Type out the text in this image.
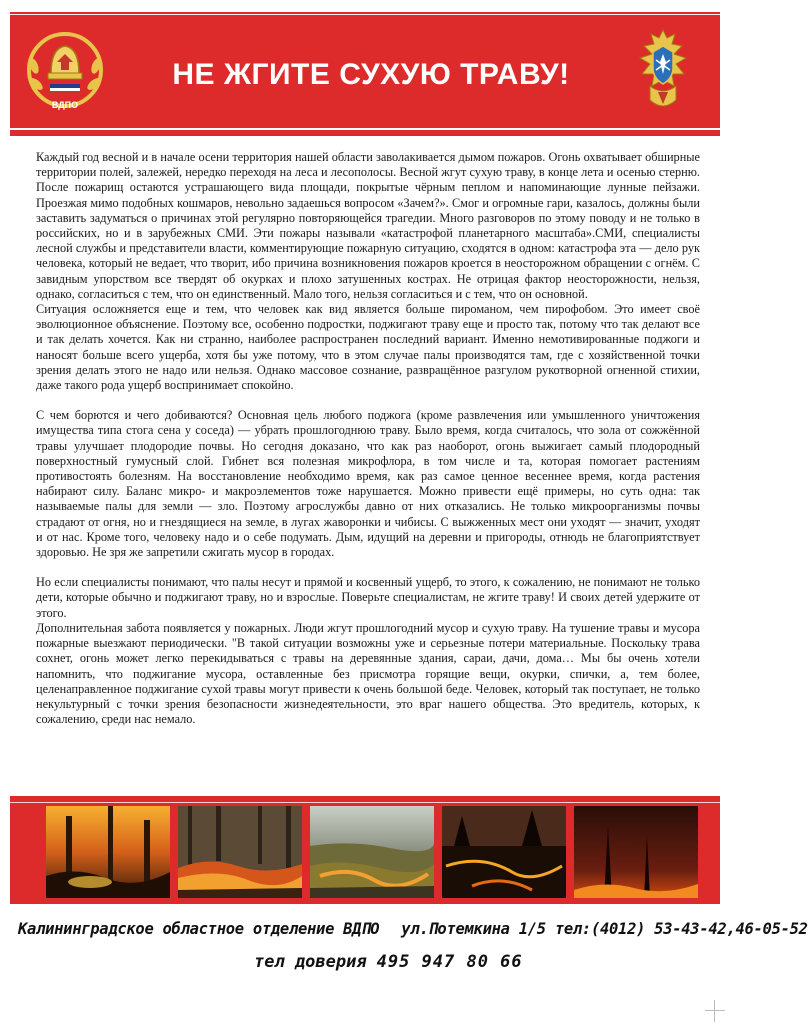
ВДПО
НЕ ЖГИТЕ СУХУЮ ТРАВУ!

Каждый год весной и в начале осени территория нашей области заволакивается дымом пожаров. Огонь охватывает обширные территории полей, залежей, нередко переходя на леса и лесополосы. Весной жгут сухую траву, в конце лета и осенью стерню. После пожарищ остаются устрашающего вида площади, покрытые чёрным пеплом и напоминающие лунные пейзажи. Проезжая мимо подобных кошмаров, невольно задаешься вопросом «Зачем?». Смог и огромные гари, казалось, должны были заставить задуматься о причинах этой регулярно повторяющейся трагедии. Много разговоров по этому поводу и не только в российских, но и в зарубежных СМИ. Эти пожары называли «катастрофой планетарного масштаба».СМИ, специалисты лесной службы и представители власти, комментирующие пожарную ситуацию, сходятся в одном: катастрофа эта — дело рук человека, который не ведает, что творит, ибо причина возникновения пожаров кроется в неосторожном обращении с огнём. С завидным упорством все твердят об окурках и плохо затушенных кострах. Не отрицая фактор неосторожности, нельзя, однако, согласиться с тем, что он единственный. Мало того, нельзя согласиться и с тем, что он основной.

Ситуация осложняется еще и тем, что человек как вид является больше пироманом, чем пирофобом. Это имеет своё эволюционное объяснение. Поэтому все, особенно подростки, поджигают траву еще и просто так, потому что так делают все и так делать хочется. Как ни странно, наиболее распространен последний вариант. Именно немотивированные поджоги и наносят больше всего ущерба, хотя бы уже потому, что в этом случае палы производятся там, где с хозяйственной точки зрения делать этого не надо или нельзя. Однако массовое сознание, развращённое разгулом рукотворной огненной стихии, даже такого рода ущерб воспринимает спокойно.

С чем борются и чего добиваются? Основная цель любого поджога (кроме развлечения или умышленного уничтожения имущества типа стога сена у соседа) — убрать прошлогоднюю траву. Было время, когда считалось, что зола от сожжённой травы улучшает плодородие почвы. Но сегодня доказано, что как раз наоборот, огонь выжигает самый плодородный поверхностный гумусный слой. Гибнет вся полезная микрофлора, в том числе и та, которая помогает растениям противостоять болезням. На восстановление необходимо время, как раз самое ценное весеннее время, когда растения набирают силу. Баланс микро- и макроэлементов тоже нарушается. Можно привести ещё примеры, но суть одна: так называемые палы для земли — зло. Поэтому агрослужбы давно от них отказались. Не только микроорганизмы почвы страдают от огня, но и гнездящиеся на земле, в лугах жаворонки и чибисы. С выжженных мест они уходят — значит, уходят и от нас. Кроме того, человеку надо и о себе подумать. Дым, идущий на деревни и пригороды, отнюдь не благоприятствует здоровью. Не зря же запретили сжигать мусор в городах.

Но если специалисты понимают, что палы несут и прямой и косвенный ущерб, то этого, к сожалению, не понимают не только дети, которые обычно и поджигают траву, но и взрослые. Поверьте специалистам, не жгите траву! И своих детей удержите от этого.

Дополнительная забота появляется у пожарных. Люди жгут прошлогодний мусор и сухую траву. На тушение травы и мусора пожарные выезжают периодически. "В такой ситуации возможны уже и серьезные потери материальные. Поскольку трава сохнет, огонь может легко перекидываться с травы на деревянные здания, сараи, дачи, дома… Мы бы очень хотели напомнить, что поджигание мусора, оставленные без присмотра горящие вещи, окурки, спички, а, тем более, целенаправленное поджигание сухой травы могут привести к очень большой беде. Человек, который так поступает, не только некультурный с точки зрения безопасности жизнедеятельности, это враг нашего общества. Это вредитель, которых, к сожалению, среди нас немало.

Калининградское областное отделение ВДПО ул.Потемкина 1/5 тел:(4012) 53-43-42,46-05-52
тел доверия 495 947 80 66
